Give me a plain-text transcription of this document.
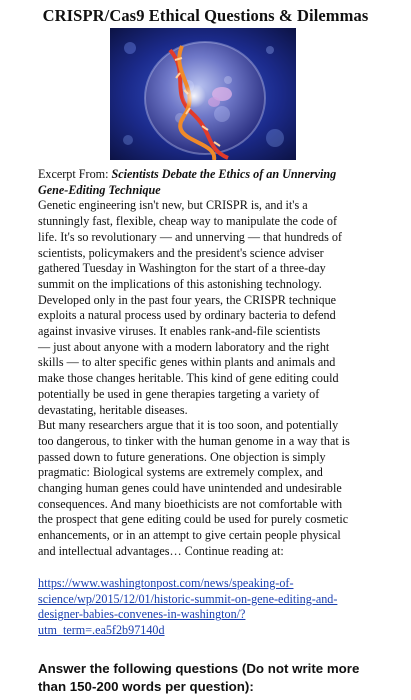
CRISPR/Cas9 Ethical Questions & Dilemmas

Excerpt From: Scientists Debate the Ethics of an Unnerving

Gene-Editing Technique

Genetic engineering isn't new, but CRISPR is, and it's a

stunningly fast, flexible, cheap way to manipulate the code of

life. It's so revolutionary — and unnerving — that hundreds of

scientists, policymakers and the president's science adviser

gathered Tuesday in Washington for the start of a three-day

summit on the implications of this astonishing technology.

Developed only in the past four years, the CRISPR technique

exploits a natural process used by ordinary bacteria to defend

against invasive viruses. It enables rank-and-file scientists

— just about anyone with a modern laboratory and the right

skills — to alter specific genes within plants and animals and

make those changes heritable. This kind of gene editing could

potentially be used in gene therapies targeting a variety of

devastating, heritable diseases.

But many researchers argue that it is too soon, and potentially

too dangerous, to tinker with the human genome in a way that is

passed down to future generations. One objection is simply

pragmatic: Biological systems are extremely complex, and

changing human genes could have unintended and undesirable

consequences. And many bioethicists are not comfortable with

the prospect that gene editing could be used for purely cosmetic

enhancements, or in an attempt to give certain people physical

and intellectual advantages… Continue reading at:

https://www.washingtonpost.com/news/speaking-of-

science/wp/2015/12/01/historic-summit-on-gene-editing-and-

designer-babies-convenes-in-washington/?

utm_term=.ea5f2b97140d

Answer the following questions (Do not write more

than 150-200 words per question):
